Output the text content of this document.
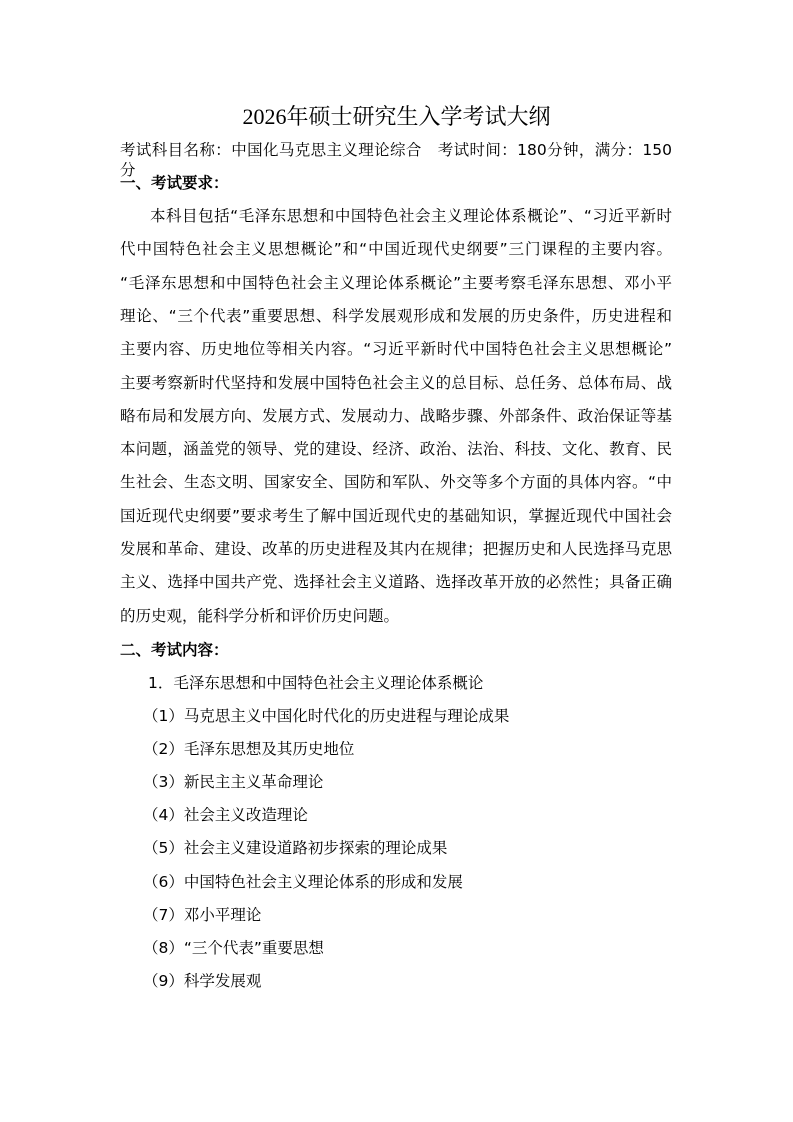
2026年硕士研究生入学考试大纲
考试科目名称：中国化马克思主义理论综合　考试时间：180分钟，满分：150分
一、考试要求：
本科目包括“毛泽东思想和中国特色社会主义理论体系概论”、“习近平新时
代中国特色社会主义思想概论”和“中国近现代史纲要”三门课程的主要内容。
“毛泽东思想和中国特色社会主义理论体系概论”主要考察毛泽东思想、邓小平
理论、“三个代表”重要思想、科学发展观形成和发展的历史条件，历史进程和
主要内容、历史地位等相关内容。“习近平新时代中国特色社会主义思想概论”
主要考察新时代坚持和发展中国特色社会主义的总目标、总任务、总体布局、战
略布局和发展方向、发展方式、发展动力、战略步骤、外部条件、政治保证等基
本问题，涵盖党的领导、党的建设、经济、政治、法治、科技、文化、教育、民
生社会、生态文明、国家安全、国防和军队、外交等多个方面的具体内容。“中
国近现代史纲要”要求考生了解中国近现代史的基础知识，掌握近现代中国社会
发展和革命、建设、改革的历史进程及其内在规律；把握历史和人民选择马克思
主义、选择中国共产党、选择社会主义道路、选择改革开放的必然性；具备正确
的历史观，能科学分析和评价历史问题。
二、考试内容：
1．毛泽东思想和中国特色社会主义理论体系概论
（1）马克思主义中国化时代化的历史进程与理论成果
（2）毛泽东思想及其历史地位
（3）新民主主义革命理论
（4）社会主义改造理论
（5）社会主义建设道路初步探索的理论成果
（6）中国特色社会主义理论体系的形成和发展
（7）邓小平理论
（8）“三个代表”重要思想
（9）科学发展观
